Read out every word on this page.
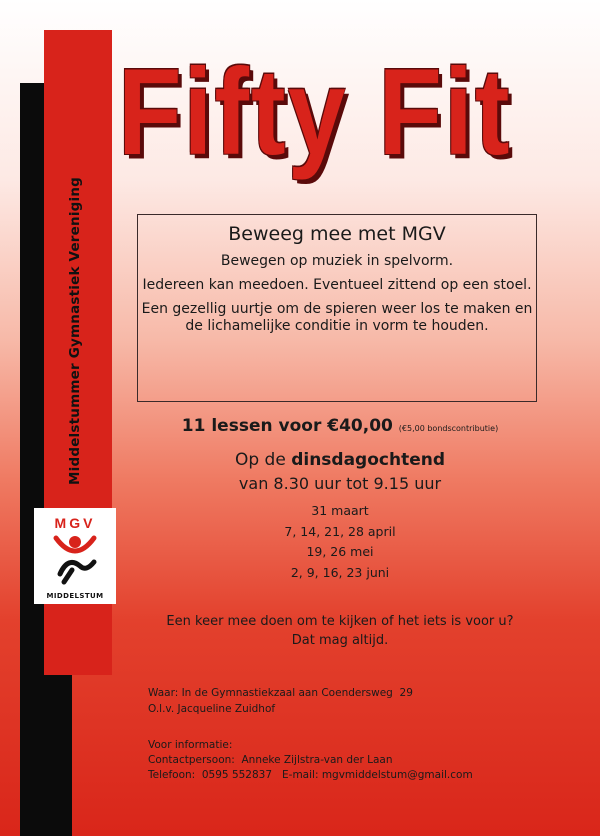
Middelstummer Gymnastiek Vereniging
MGV
MIDDELSTUM
Fifty Fit
Beweeg mee met MGV

Bewegen op muziek in spelvorm.

Iedereen kan meedoen. Eventueel zittend op een stoel.

Een gezellig uurtje om de spieren weer los te maken en de lichamelijke conditie in vorm te houden.

11 lessen voor €40,00 (€5,00 bondscontributie)
Op de dinsdagochtend
van 8.30 uur tot 9.15 uur
31 maart
7, 14, 21, 28 april
19, 26 mei
2, 9, 16, 23 juni
Een keer mee doen om te kijken of het iets is voor u?
Dat mag altijd.
Waar: In de Gymnastiekzaal aan Coendersweg  29
O.l.v. Jacqueline Zuidhof
Voor informatie:
Contactpersoon:  Anneke Zijlstra-van der Laan
Telefoon:  0595 552837   E-mail: mgvmiddelstum@gmail.com
